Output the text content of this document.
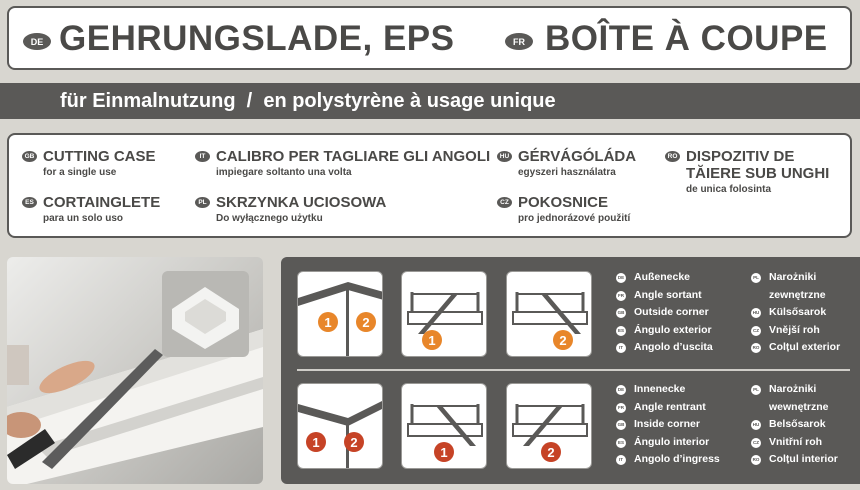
DE GEHRUNGSLADE, EPS	FR BOÎTE À COUPE
für Einmalnutzung  /  en polystyrène à usage unique
GB CUTTING CASE
for a single use
ES CORTAINGLETE
para un solo uso
IT CALIBRO PER TAGLIARE GLI ANGOLI
impiegare soltanto una volta
PL SKRZYNKA UCIOSOWA
Do wyłącznego użytku
HU GÉRVÁGÓLÁDA
egyszeri használatra
CZ POKOSNICE
pro jednorázové použití
RO DISPOZITIV DE TĂIERE SUB UNGHI
de unica folosinta
1	2
1	2
DE Außenecke
FR Angle sortant
GB Outside corner
ES Ángulo exterior
IT Angolo d’uscita
PL Narożniki
zewnętrzne
HU Külsősarok
CZ Vnější roh
RO Colțul exterior
1	2
1	2
DE Innenecke
FR Angle rentrant
GB Inside corner
ES Ángulo interior
IT Angolo d’ingress
PL Narożniki
wewnętrzne
HU Belsősarok
CZ Vnitřní roh
RO Colțul interior
